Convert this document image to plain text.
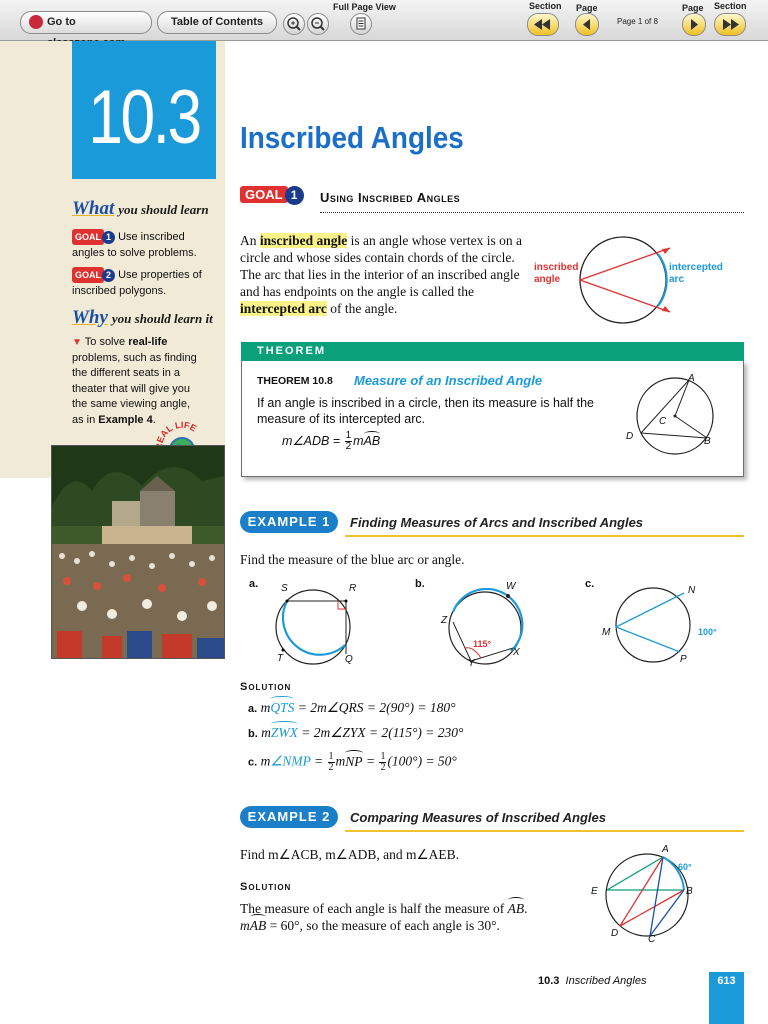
Go to	Table of Contents
Full Page View	Section Page
Page 1 of 8
Page Section
10.3
What you should learn
GOAL 1 Use inscribed
angles to solve problems.
GOAL 2 Use properties of
inscribed polygons.
Why you should learn it
▼ To solve real-life
problems, such as finding
the different seats in a
theater that will give you
the same viewing angle,
as in Example 4.
EAL LIFE
Inscribed Angles
GOAL 1	Using Inscribed Angles
An inscribed angle is an angle whose vertex is on a circle and whose sides contain chords of the circle. The arc that lies in the interior of an inscribed angle and has endpoints on the angle is called the intercepted arc of the angle.
inscribed
angle
intercepted
arc
THEOREM
THEOREM 10.8 Measure of an Inscribed Angle
If an angle is inscribed in a circle, then its measure is half the measure of its intercepted arc.
m∠ADB = $\frac{1}{2}$ mAB
A
B
C
D
EXAMPLE 1	Finding Measures of Arcs and Inscribed Angles
Find the measure of the blue arc or angle.
a. S	R
T	Q
b.	W
Z
X
Y
115°
c.
N
M
P
100°
Solution
a. mQTS = 2m∠QRS = 2(90°) = 180°
b. mZWX = 2m∠ZYX = 2(115°) = 230°
c. m∠NMP = $\frac{1}{2}$ mNP = $\frac{1}{2} (100^\circ) = 50^\circ$
EXAMPLE 2	Comparing Measures of Inscribed Angles
Find m∠ACB, m∠ADB, and m∠AEB.
Solution
The measure of each angle is half the measure of AB.
mAB = 60°, so the measure of each angle is 30°.
A
E	B
D
C
60°
10.3 Inscribed Angles	613
